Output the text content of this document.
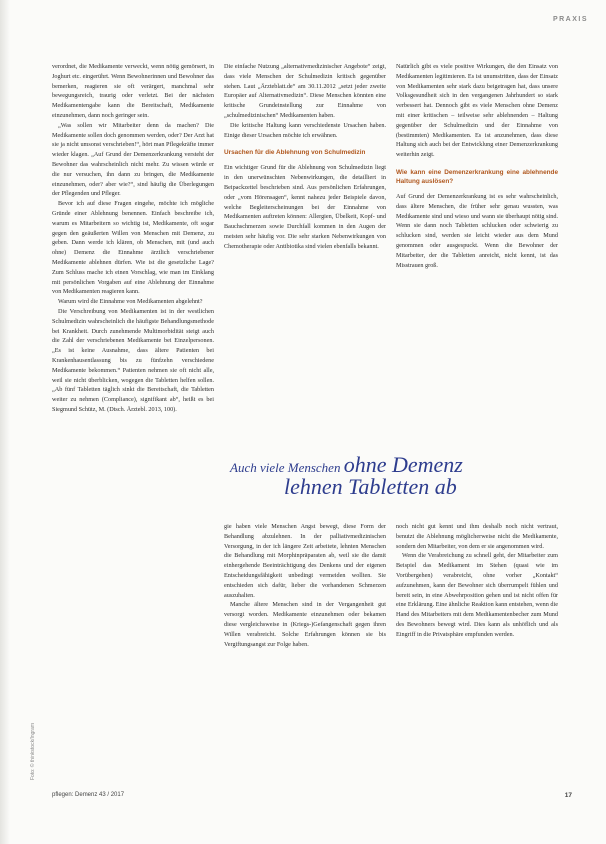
PRAXIS

verordnet, die Medikamente verweckt, wenn nötig gemörsert, in Joghurt etc. eingerührt. Wenn Bewohnerinnen und Bewohner das bemerken, reagieren sie oft verärgert, manchmal sehr bewegungsreich, traurig oder verletzt. Bei der nächsten Medikamentengabe kann die Bereitschaft, Medikamente einzunehmen, dann noch geringer sein.

„Was sollen wir Mitarbeiter denn da machen? Die Medikamente sollen doch genommen werden, oder? Der Arzt hat sie ja nicht umsonst verschrieben!“, hört man Pflegekräfte immer wieder klagen. „Auf Grund der Demenzerkrankung versteht der Bewohner das wahrscheinlich nicht mehr. Zu wissen würde er die nur versuchen, ihn dann zu bringen, die Medikamente einzunehmen, oder? aber wie?“, sind häufig die Überlegungen der Pflegenden und Pfleger.

Bevor ich auf diese Fragen eingehe, möchte ich mögliche Gründe einer Ablehnung benennen. Einfach beschreibe ich, warum es Mitarbeitern so wichtig ist, Medikamente, oft sogar gegen den geäußerten Willen von Menschen mit Demenz, zu geben. Dann werde ich klären, ob Menschen, mit (und auch ohne) Demenz die Einnahme ärztlich verschriebener Medikamente ablehnen dürfen. Wie ist die gesetzliche Lage? Zum Schluss mache ich einen Vorschlag, wie man im Einklang mit persönlichen Vorgaben auf eine Ablehnung der Einnahme von Medikamenten reagieren kann.

Warum wird die Einnahme von Medikamenten abgelehnt?

Die Verschreibung von Medikamenten ist in der westlichen Schulmedizin wahrscheinlich die häufigste Behandlungsmethode bei Krankheit. Durch zunehmende Multimorbidität steigt auch die Zahl der verschriebenen Medikamente bei Einzelpersonen. „Es ist keine Ausnahme, dass ältere Patienten bei Krankenhausentlassung bis zu fünfzehn verschiedene Medikamente bekommen.“ Patienten nehmen sie oft nicht alle, weil sie nicht überblicken, wogegen die Tabletten helfen sollen. „Ab fünf Tabletten täglich sinkt die Bereitschaft, die Tabletten weiter zu nehmen (Compliance), signifikant ab“, heißt es bei Siegmund Schütz, M. (Dtsch. Ärztebl. 2013, 100).

Die einfache Nutzung „alternativmedizinischer Angebote“ zeigt, dass viele Menschen der Schulmedizin kritisch gegenüber stehen. Laut „Ärzteblatt.de“ am 30.11.2012 „setzt jeder zweite Europäer auf Alternativmedizin“. Diese Menschen könnten eine kritische Grundeinstellung zur Einnahme von „schulmedizinischen“ Medikamenten haben.

Die kritische Haltung kann verschiedenste Ursachen haben. Einige dieser Ursachen möchte ich erwähnen.

Ursachen für die Ablehnung von Schulmedizin

Ein wichtiger Grund für die Ablehnung von Schulmedizin liegt in den unerwünschten Nebenwirkungen, die detailliert in Beipackzettel beschrieben sind. Aus persönlichen Erfahrungen, oder „vom Hörensagen“, kennt nahezu jeder Beispiele davon, welche Begleiterscheinungen bei der Einnahme von Medikamenten auftreten können: Allergien, Übelkeit, Kopf- und Bauchschmerzen sowie Durchfall kommen in den Augen der meisten sehr häufig vor. Die sehr starken Nebenwirkungen von Chemotherapie oder Antibiotika sind vielen ebenfalls bekannt.

Natürlich gibt es viele positive Wirkungen, die den Einsatz von Medikamenten legitimieren. Es ist unumstritten, dass der Einsatz von Medikamenten sehr stark dazu beigetragen hat, dass unsere Volksgesundheit sich in den vergangenen Jahrhundert so stark verbessert hat. Dennoch gibt es viele Menschen ohne Demenz mit einer kritischen – teilweise sehr ablehnenden – Haltung gegenüber der Schulmedizin und der Einnahme von (bestimmten) Medikamenten. Es ist anzunehmen, dass diese Haltung sich auch bei der Entwicklung einer Demenzerkrankung weiterhin zeigt.

Wie kann eine Demenzerkrankung eine ablehnende Haltung auslösen?

Auf Grund der Demenzerkrankung ist es sehr wahrscheinlich, dass ältere Menschen, die früher sehr genau wussten, was Medikamente sind und wieso und wann sie überhaupt nötig sind. Wenn sie dann noch Tabletten schlucken oder schwierig zu schlucken sind, werden sie leicht wieder aus dem Mund genommen oder ausgespuckt. Wenn die Bewohner der Mitarbeiter, der die Tabletten anreicht, nicht kennt, ist das Misstrauen groß.

Auch viele Menschen ohne Demenz
lehnen Tabletten ab

gie haben viele Menschen Angst bewegt, diese Form der Behandlung abzulehnen. In der palliativmedizinischen Versorgung, in der ich längere Zeit arbeitete, lehnten Menschen die Behandlung mit Morphinpräparaten ab, weil sie die damit einhergehende Beeinträchtigung des Denkens und der eigenen Entscheidungsfähigkeit unbedingt vermeiden wollten. Sie entschieden sich dafür, lieber die vorhandenen Schmerzen auszuhalten.

Manche ältere Menschen sind in der Vergangenheit gut versorgt worden. Medikamente einzunehmen oder bekamen diese vergleichsweise in (Kriegs-)Gefangenschaft gegen ihren Willen verabreicht. Solche Erfahrungen können sie bis Vergiftungsangst zur Folge haben.

noch nicht gut kennt und ihm deshalb noch nicht vertraut, benutzt die Ablehnung möglicherweise nicht die Medikamente, sondern den Mitarbeiter, von dem er sie angenommen wird.

Wenn die Verabreichung zu schnell geht, der Mitarbeiter zum Beispiel das Medikament im Stehen (quasi wie im Vorübergehen) verabreicht, ohne vorher „Kontakt“ aufzunehmen, kann der Bewohner sich überrumpelt fühlen und bereit sein, in eine Abwehrposition gehen und ist nicht offen für eine Erklärung. Eine ähnliche Reaktion kann entstehen, wenn die Hand des Mitarbeiters mit dem Medikamentenbecher zum Mund des Bewohners bewegt wird. Dies kann als unhöflich und als Eingriff in die Privatsphäre empfunden werden.

Foto: © thinkstock/Ingram
pflegen: Demenz 43 / 2017	17
